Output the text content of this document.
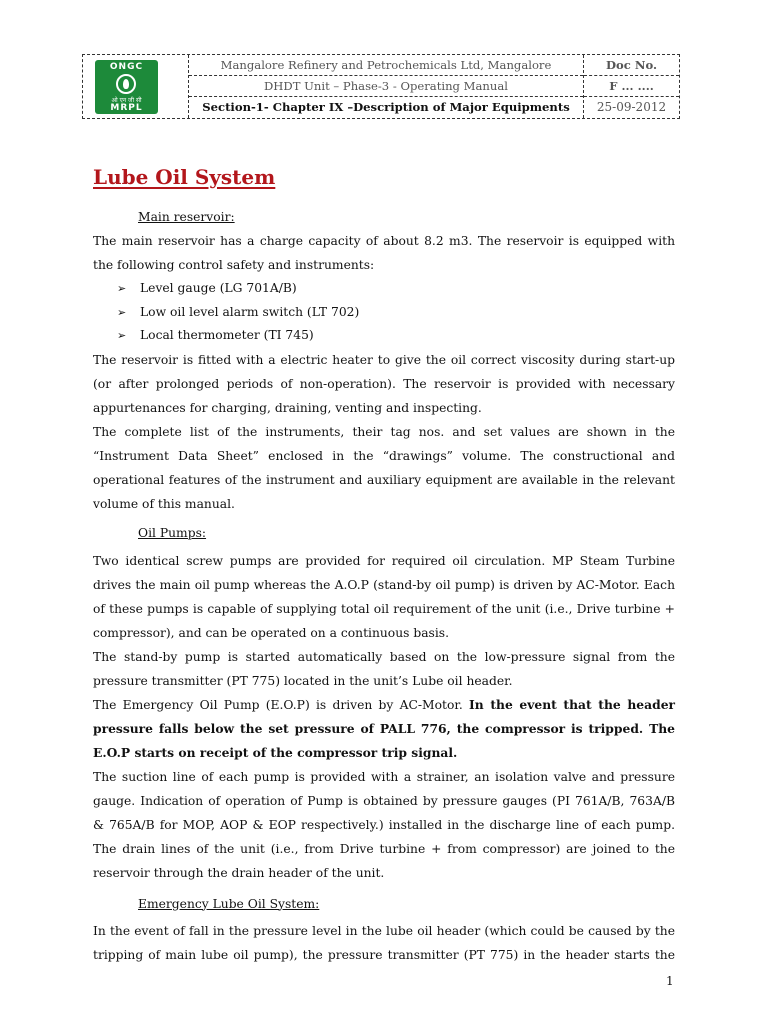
ONGC
ओ एन जी सी
MRPL
Mangalore Refinery and Petrochemicals Ltd, Mangalore
DHDT Unit – Phase-3 - Operating Manual
Section-1- Chapter IX –Description of Major Equipments
Doc No.
F ... ....
25-09-2012
Lube Oil System
Main reservoir:

The main reservoir has a charge capacity of about 8.2 m3. The reservoir is equipped with the following control safety and instruments:

➢ Level gauge (LG 701A/B)
➢ Low oil level alarm switch (LT 702)
➢ Local thermometer (TI 745)

The reservoir is fitted with a electric heater to give the oil correct viscosity during start-up (or after prolonged periods of non-operation). The reservoir is provided with necessary appurtenances for charging, draining, venting and inspecting.

The complete list of the instruments, their tag nos. and set values are shown in the “Instrument Data Sheet” enclosed in the “drawings” volume. The constructional and operational features of the instrument and auxiliary equipment are available in the relevant volume of this manual.

Oil Pumps:

Two identical screw pumps are provided for required oil circulation. MP Steam Turbine drives the main oil pump whereas the A.O.P (stand-by oil pump) is driven by AC-Motor. Each of these pumps is capable of supplying total oil requirement of the unit (i.e., Drive turbine + compressor), and can be operated on a continuous basis.

The stand-by pump is started automatically based on the low-pressure signal from the pressure transmitter (PT 775) located in the unit’s Lube oil header.

The Emergency Oil Pump (E.O.P) is driven by AC-Motor. In the event that the header pressure falls below the set pressure of PALL 776, the compressor is tripped. The E.O.P starts on receipt of the compressor trip signal.

The suction line of each pump is provided with a strainer, an isolation valve and pressure gauge. Indication of operation of Pump is obtained by pressure gauges (PI 761A/B, 763A/B & 765A/B for MOP, AOP & EOP respectively.) installed in the discharge line of each pump. The drain lines of the unit (i.e., from Drive turbine + from compressor) are joined to the reservoir through the drain header of the unit.

Emergency Lube Oil System:

In the event of fall in the pressure level in the lube oil header (which could be caused by the tripping of main lube oil pump), the pressure transmitter (PT 775) in the header starts the

1
